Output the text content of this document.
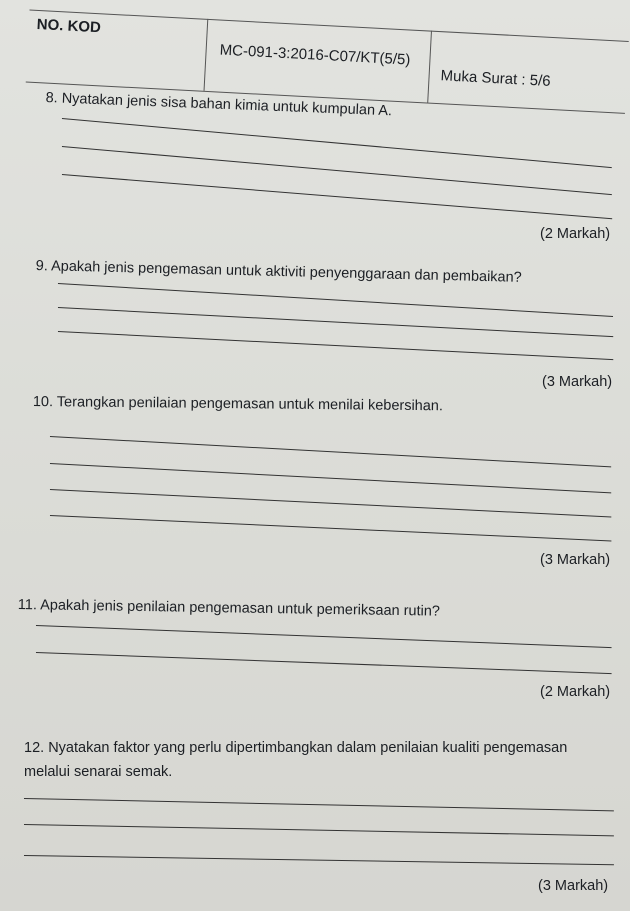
NO. KOD
MC-091-3:2016-C07/KT(5/5)
Muka Surat : 5/6
8. Nyatakan jenis sisa bahan kimia untuk kumpulan A.
(2 Markah)
9. Apakah jenis pengemasan untuk aktiviti penyenggaraan dan pembaikan?
(3 Markah)
10. Terangkan penilaian pengemasan untuk menilai kebersihan.
(3 Markah)
11. Apakah jenis penilaian pengemasan untuk pemeriksaan rutin?
(2 Markah)
12. Nyatakan faktor yang perlu dipertimbangkan dalam penilaian kualiti pengemasan melalui senarai semak.
(3 Markah)
